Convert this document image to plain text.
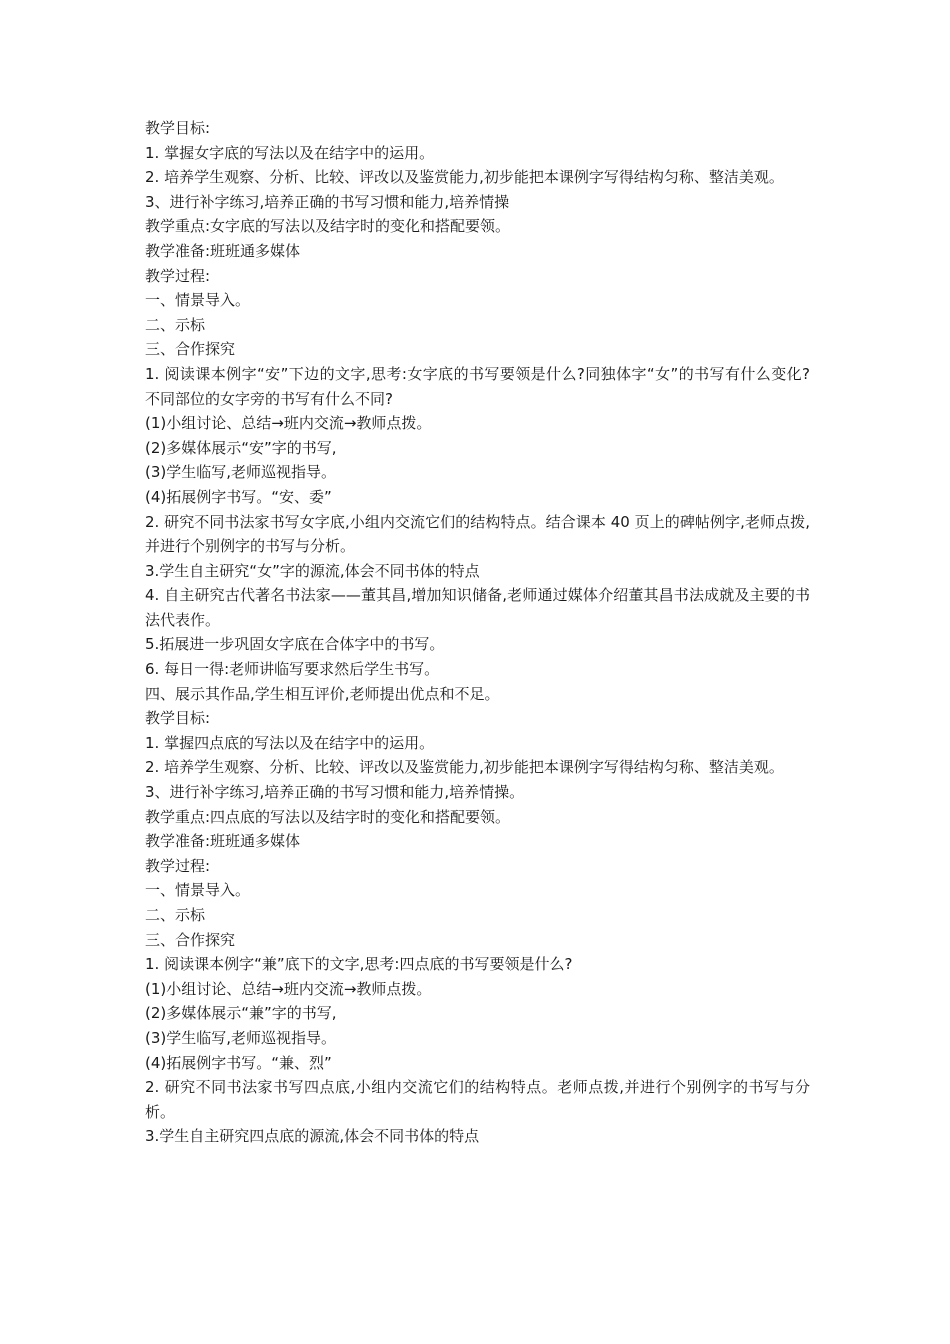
教学目标:

1. 掌握女字底的写法以及在结字中的运用。

2. 培养学生观察、分析、比较、评改以及鉴赏能力,初步能把本课例字写得结构匀称、整洁美观。

3、进行补字练习,培养正确的书写习惯和能力,培养情操

教学重点:女字底的写法以及结字时的变化和搭配要领。

教学准备:班班通多媒体

教学过程:

一、情景导入。

二、示标

三、合作探究

1. 阅读课本例字“安”下边的文字,思考:女字底的书写要领是什么?同独体字“女”的书写有什么变化? 不同部位的女字旁的书写有什么不同?

(1)小组讨论、总结→班内交流→教师点拨。

(2)多媒体展示“安”字的书写,

(3)学生临写,老师巡视指导。

(4)拓展例字书写。“安、委”

2. 研究不同书法家书写女字底,小组内交流它们的结构特点。结合课本 40 页上的碑帖例字,老师点拨,并进行个别例字的书写与分析。

3.学生自主研究“女”字的源流,体会不同书体的特点

4. 自主研究古代著名书法家——董其昌,增加知识储备,老师通过媒体介绍董其昌书法成就及主要的书法代表作。

5.拓展进一步巩固女字底在合体字中的书写。

6. 每日一得:老师讲临写要求然后学生书写。

四、展示其作品,学生相互评价,老师提出优点和不足。

教学目标:

1. 掌握四点底的写法以及在结字中的运用。

2. 培养学生观察、分析、比较、评改以及鉴赏能力,初步能把本课例字写得结构匀称、整洁美观。

3、进行补字练习,培养正确的书写习惯和能力,培养情操。

教学重点:四点底的写法以及结字时的变化和搭配要领。

教学准备:班班通多媒体

教学过程:

一、情景导入。

二、示标

三、合作探究

1. 阅读课本例字“兼”底下的文字,思考:四点底的书写要领是什么?

(1)小组讨论、总结→班内交流→教师点拨。

(2)多媒体展示“兼”字的书写,

(3)学生临写,老师巡视指导。

(4)拓展例字书写。“兼、烈”

2. 研究不同书法家书写四点底,小组内交流它们的结构特点。老师点拨,并进行个别例字的书写与分析。

3.学生自主研究四点底的源流,体会不同书体的特点
